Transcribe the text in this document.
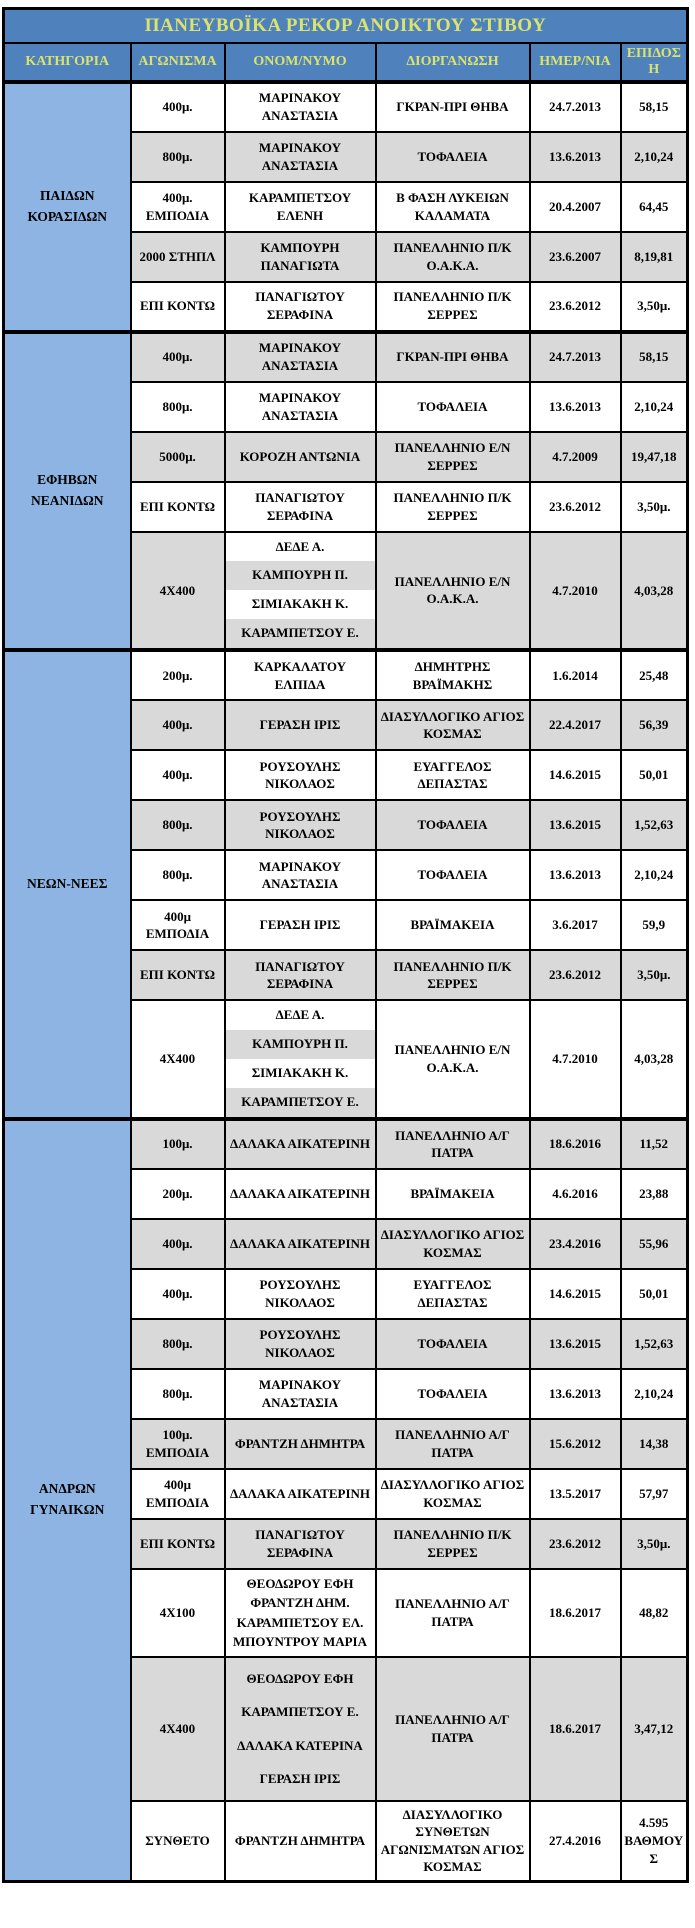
ΠΑΝΕΥΒΟΪΚΑ ΡΕΚΟΡ ΑΝΟΙΚΤΟΥ ΣΤΙΒΟΥ					
ΚΑΤΗΓΟΡΙΑ	ΑΓΩΝΙΣΜΑ	ΟΝΟΜ/ΝΥΜΟ	ΔΙΟΡΓΑΝΩΣΗ	ΗΜΕΡ/ΝΙΑ	ΕΠΙΔΟΣΗ
ΠΑΙΔΩΝ ΚΟΡΑΣΙΔΩΝ	400μ.	ΜΑΡΙΝΑΚΟΥ ΑΝΑΣΤΑΣΙΑ	ΓΚΡΑΝ-ΠΡΙ ΘΗΒΑ	24.7.2013	58,15
	800μ.	ΜΑΡΙΝΑΚΟΥ ΑΝΑΣΤΑΣΙΑ	ΤΟΦΑΛΕΙΑ	13.6.2013	2,10,24
	400μ. ΕΜΠΟΔΙΑ	ΚΑΡΑΜΠΕΤΣΟΥ ΕΛΕΝΗ	Β ΦΑΣΗ ΛΥΚΕΙΩΝ ΚΑΛΑΜΑΤΑ	20.4.2007	64,45
	2000 ΣΤΗΠΛ	ΚΑΜΠΟΥΡΗ ΠΑΝΑΓΙΩΤΑ	ΠΑΝΕΛΛΗΝΙΟ Π/Κ Ο.Α.Κ.Α.	23.6.2007	8,19,81
	ΕΠΙ ΚΟΝΤΩ	ΠΑΝΑΓΙΩΤΟΥ ΣΕΡΑΦΙΝΑ	ΠΑΝΕΛΛΗΝΙΟ Π/Κ ΣΕΡΡΕΣ	23.6.2012	3,50μ.
ΕΦΗΒΩΝ ΝΕΑΝΙΔΩΝ	400μ.	ΜΑΡΙΝΑΚΟΥ ΑΝΑΣΤΑΣΙΑ	ΓΚΡΑΝ-ΠΡΙ ΘΗΒΑ	24.7.2013	58,15
	800μ.	ΜΑΡΙΝΑΚΟΥ ΑΝΑΣΤΑΣΙΑ	ΤΟΦΑΛΕΙΑ	13.6.2013	2,10,24
	5000μ.	ΚΟΡΟΖΗ ΑΝΤΩΝΙΑ	ΠΑΝΕΛΛΗΝΙΟ Ε/Ν ΣΕΡΡΕΣ	4.7.2009	19,47,18
	ΕΠΙ ΚΟΝΤΩ	ΠΑΝΑΓΙΩΤΟΥ ΣΕΡΑΦΙΝΑ	ΠΑΝΕΛΛΗΝΙΟ Π/Κ ΣΕΡΡΕΣ	23.6.2012	3,50μ.
	4X400	ΔΕΔΕ Α.
ΚΑΜΠΟΥΡΗ Π.
ΣΙΜΙΑΚΑΚΗ Κ.
ΚΑΡΑΜΠΕΤΣΟΥ Ε.	ΠΑΝΕΛΛΗΝΙΟ Ε/Ν Ο.Α.Κ.Α.	4.7.2010	4,03,28
ΝΕΩΝ-ΝΕΕΣ	200μ.	ΚΑΡΚΑΛΑΤΟΥ ΕΛΠΙΔΑ	ΔΗΜΗΤΡΗΣ ΒΡΑΪΜΑΚΗΣ	1.6.2014	25,48
	400μ.	ΓΕΡΑΣΗ ΙΡΙΣ	ΔΙΑΣΥΛΛΟΓΙΚΟ ΑΓΙΟΣ ΚΟΣΜΑΣ	22.4.2017	56,39
	400μ.	ΡΟΥΣΟΥΛΗΣ ΝΙΚΟΛΑΟΣ	ΕΥΑΓΓΕΛΟΣ ΔΕΠΑΣΤΑΣ	14.6.2015	50,01
	800μ.	ΡΟΥΣΟΥΛΗΣ ΝΙΚΟΛΑΟΣ	ΤΟΦΑΛΕΙΑ	13.6.2015	1,52,63
	800μ.	ΜΑΡΙΝΑΚΟΥ ΑΝΑΣΤΑΣΙΑ	ΤΟΦΑΛΕΙΑ	13.6.2013	2,10,24
	400μ ΕΜΠΟΔΙΑ	ΓΕΡΑΣΗ ΙΡΙΣ	ΒΡΑΪΜΑΚΕΙΑ	3.6.2017	59,9
	ΕΠΙ ΚΟΝΤΩ	ΠΑΝΑΓΙΩΤΟΥ ΣΕΡΑΦΙΝΑ	ΠΑΝΕΛΛΗΝΙΟ Π/Κ ΣΕΡΡΕΣ	23.6.2012	3,50μ.
	4X400	ΔΕΔΕ Α.
ΚΑΜΠΟΥΡΗ Π.
ΣΙΜΙΑΚΑΚΗ Κ.
ΚΑΡΑΜΠΕΤΣΟΥ Ε.	ΠΑΝΕΛΛΗΝΙΟ Ε/Ν Ο.Α.Κ.Α.	4.7.2010	4,03,28
ΑΝΔΡΩΝ ΓΥΝΑΙΚΩΝ	100μ.	ΔΑΛΑΚΑ ΑΙΚΑΤΕΡΙΝΗ	ΠΑΝΕΛΛΗΝΙΟ Α/Γ ΠΑΤΡΑ	18.6.2016	11,52
	200μ.	ΔΑΛΑΚΑ ΑΙΚΑΤΕΡΙΝΗ	ΒΡΑΪΜΑΚΕΙΑ	4.6.2016	23,88
	400μ.	ΔΑΛΑΚΑ ΑΙΚΑΤΕΡΙΝΗ	ΔΙΑΣΥΛΛΟΓΙΚΟ ΑΓΙΟΣ ΚΟΣΜΑΣ	23.4.2016	55,96
	400μ.	ΡΟΥΣΟΥΛΗΣ ΝΙΚΟΛΑΟΣ	ΕΥΑΓΓΕΛΟΣ ΔΕΠΑΣΤΑΣ	14.6.2015	50,01
	800μ.	ΡΟΥΣΟΥΛΗΣ ΝΙΚΟΛΑΟΣ	ΤΟΦΑΛΕΙΑ	13.6.2015	1,52,63
	800μ.	ΜΑΡΙΝΑΚΟΥ ΑΝΑΣΤΑΣΙΑ	ΤΟΦΑΛΕΙΑ	13.6.2013	2,10,24
	100μ. ΕΜΠΟΔΙΑ	ΦΡΑΝΤΖΗ ΔΗΜΗΤΡΑ	ΠΑΝΕΛΛΗΝΙΟ Α/Γ ΠΑΤΡΑ	15.6.2012	14,38
	400μ ΕΜΠΟΔΙΑ	ΔΑΛΑΚΑ ΑΙΚΑΤΕΡΙΝΗ	ΔΙΑΣΥΛΛΟΓΙΚΟ ΑΓΙΟΣ ΚΟΣΜΑΣ	13.5.2017	57,97
	ΕΠΙ ΚΟΝΤΩ	ΠΑΝΑΓΙΩΤΟΥ ΣΕΡΑΦΙΝΑ	ΠΑΝΕΛΛΗΝΙΟ Π/Κ ΣΕΡΡΕΣ	23.6.2012	3,50μ.
	4X100	ΘΕΟΔΩΡΟΥ ΕΦΗ
ΦΡΑΝΤΖΗ ΔΗΜ.
ΚΑΡΑΜΠΕΤΣΟΥ ΕΛ.
ΜΠΟΥΝΤΡΟΥ ΜΑΡΙΑ	ΠΑΝΕΛΛΗΝΙΟ Α/Γ ΠΑΤΡΑ	18.6.2017	48,82
	4X400	ΘΕΟΔΩΡΟΥ ΕΦΗ
ΚΑΡΑΜΠΕΤΣΟΥ Ε.
ΔΑΛΑΚΑ ΚΑΤΕΡΙΝΑ
ΓΕΡΑΣΗ ΙΡΙΣ	ΠΑΝΕΛΛΗΝΙΟ Α/Γ ΠΑΤΡΑ	18.6.2017	3,47,12
	ΣΥΝΘΕΤΟ	ΦΡΑΝΤΖΗ ΔΗΜΗΤΡΑ	ΔΙΑΣΥΛΛΟΓΙΚΟ ΣΥΝΘΕΤΩΝ ΑΓΩΝΙΣΜΑΤΩΝ ΑΓΙΟΣ ΚΟΣΜΑΣ	27.4.2016	4.595 ΒΑΘΜΟΥΣ
